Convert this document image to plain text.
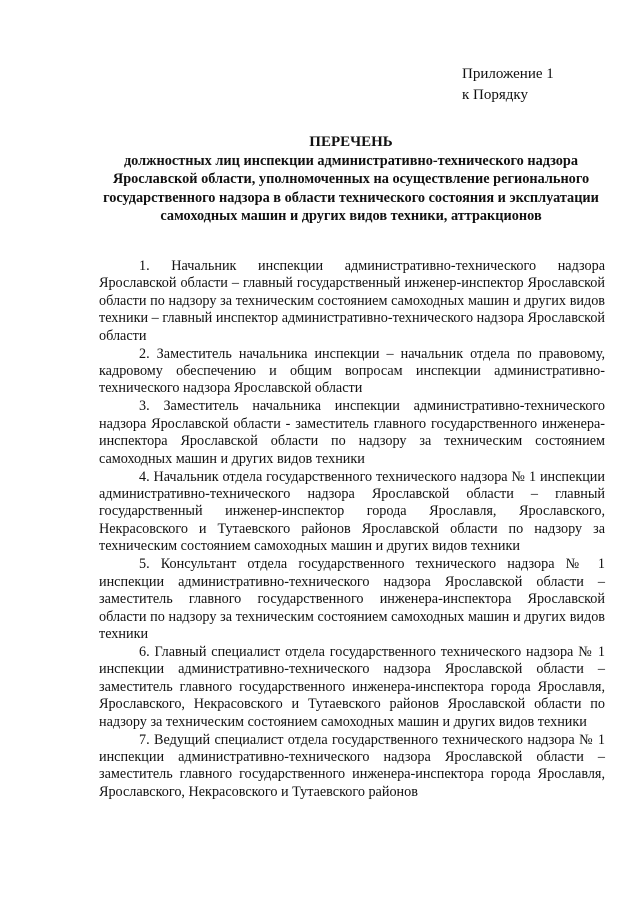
Приложение 1
к Порядку
ПЕРЕЧЕНЬ
должностных лиц инспекции административно-технического надзора Ярославской области, уполномоченных на осуществление регионального государственного надзора в области технического состояния и эксплуатации самоходных машин и других видов техники, аттракционов

1. Начальник инспекции административно-технического надзора Ярославской области – главный государственный инженер-инспектор Ярославской области по надзору за техническим состоянием самоходных машин и других видов техники – главный инспектор административно-технического надзора Ярославской области

2. Заместитель начальника инспекции – начальник отдела по правовому, кадровому обеспечению и общим вопросам инспекции административно-технического надзора Ярославской области

3. Заместитель начальника инспекции административно-технического надзора Ярославской области - заместитель главного государственного инженера-инспектора Ярославской области по надзору за техническим состоянием самоходных машин и других видов техники

4. Начальник отдела государственного технического надзора № 1 инспекции административно-технического надзора Ярославской области – главный государственный инженер-инспектор города Ярославля, Ярославского, Некрасовского и Тутаевского районов Ярославской области по надзору за техническим состоянием самоходных машин и других видов техники

5. Консультант отдела государственного технического надзора № 1 инспекции административно-технического надзора Ярославской области – заместитель главного государственного инженера-инспектора Ярославской области по надзору за техническим состоянием самоходных машин и других видов техники

6. Главный специалист отдела государственного технического надзора № 1 инспекции административно-технического надзора Ярославской области – заместитель главного государственного инженера-инспектора города Ярославля, Ярославского, Некрасовского и Тутаевского районов Ярославской области по надзору за техническим состоянием самоходных машин и других видов техники

7. Ведущий специалист отдела государственного технического надзора № 1 инспекции административно-технического надзора Ярославской области – заместитель главного государственного инженера-инспектора города Ярославля, Ярославского, Некрасовского и Тутаевского районов
